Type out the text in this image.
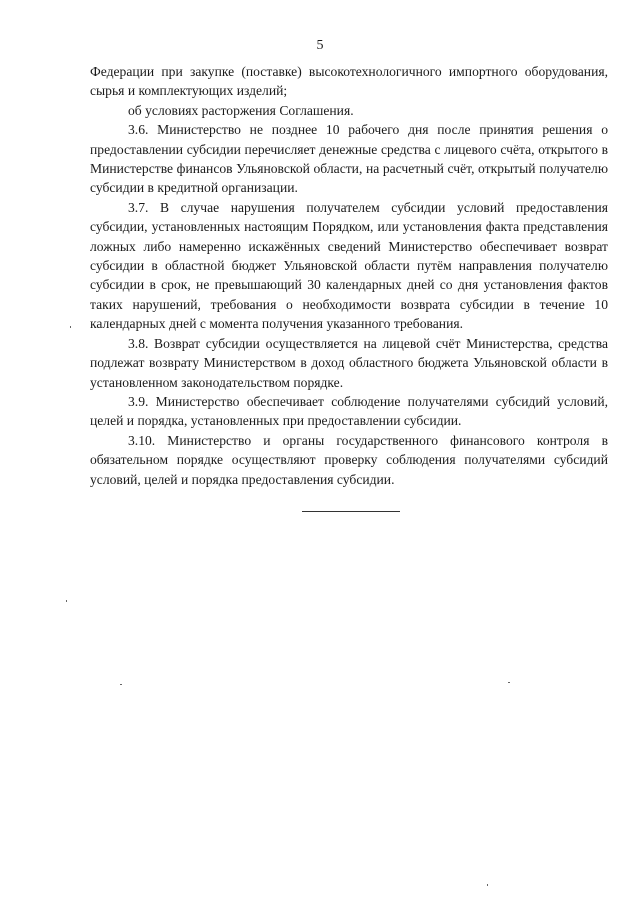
5

Федерации при закупке (поставке) высокотехнологичного импортного оборудования, сырья и комплектующих изделий;

об условиях расторжения Соглашения.

3.6. Министерство не позднее 10 рабочего дня после принятия решения о предоставлении субсидии перечисляет денежные средства с лицевого счёта, открытого в Министерстве финансов Ульяновской области, на расчетный счёт, открытый получателю субсидии в кредитной организации.

3.7. В случае нарушения получателем субсидии условий предоставления субсидии, установленных настоящим Порядком, или установления факта представления ложных либо намеренно искажённых сведений Министерство обеспечивает возврат субсидии в областной бюджет Ульяновской области путём направления получателю субсидии в срок, не превышающий 30 календарных дней со дня установления фактов таких нарушений, требования о необходимости возврата субсидии в течение 10 календарных дней с момента получения указанного требования.

3.8. Возврат субсидии осуществляется на лицевой счёт Министерства, средства подлежат возврату Министерством в доход областного бюджета Ульяновской области в установленном законодательством порядке.

3.9. Министерство обеспечивает соблюдение получателями субсидий условий, целей и порядка, установленных при предоставлении субсидии.

3.10. Министерство и органы государственного финансового контроля в обязательном порядке осуществляют проверку соблюдения получателями субсидий условий, целей и порядка предоставления субсидии.
